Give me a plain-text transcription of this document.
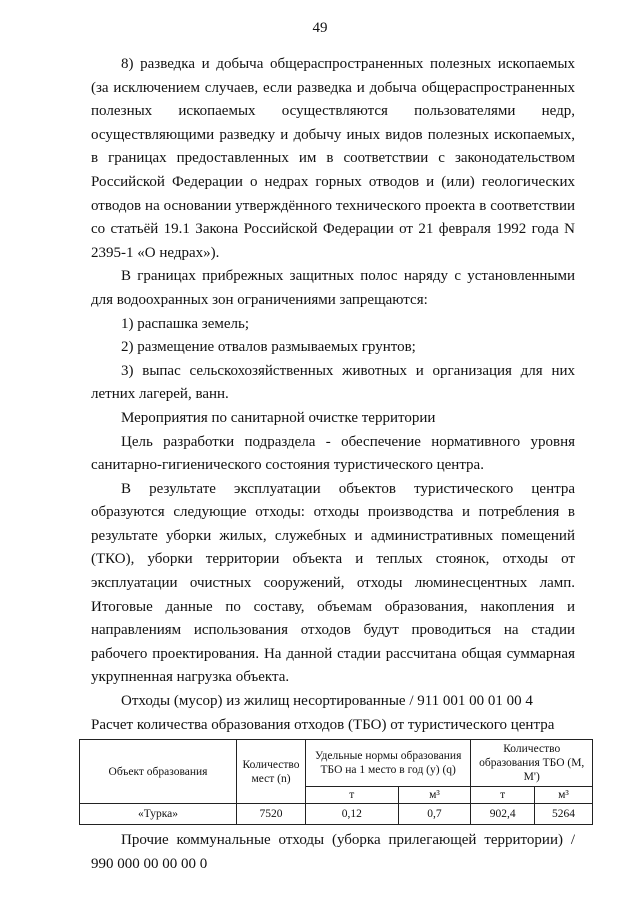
49

8) разведка и добыча общераспространенных полезных ископаемых (за исключением случаев, если разведка и добыча общераспространенных полезных ископаемых осуществляются пользователями недр, осуществляющими разведку и добычу иных видов полезных ископаемых, в границах предоставленных им в соответствии с законодательством Российской Федерации о недрах горных отводов и (или) геологических отводов на основании утверждённого технического проекта в соответствии со статьёй 19.1 Закона Российской Федерации от 21 февраля 1992 года N 2395-1 «О недрах»).

В границах прибрежных защитных полос наряду с установленными для водоохранных зон ограничениями запрещаются:

1) распашка земель;

2) размещение отвалов размываемых грунтов;

3) выпас сельскохозяйственных животных и организация для них летних лагерей, ванн.

Мероприятия по санитарной очистке территории

Цель разработки подраздела - обеспечение нормативного уровня санитарно-гигиенического состояния туристического центра.

В результате эксплуатации объектов туристического центра образуются следующие отходы: отходы производства и потребления в результате уборки жилых, служебных и административных помещений (ТКО), уборки территории объекта и теплых стоянок, отходы от эксплуатации очистных сооружений, отходы люминесцентных ламп. Итоговые данные по составу, объемам образования, накопления и направлениям использования отходов будут проводиться на стадии рабочего проектирования. На данной стадии рассчитана общая суммарная укрупненная нагрузка объекта.

Отходы (мусор) из жилищ несортированные / 911 001 00 01 00 4

Расчет количества образования отходов (ТБО) от туристического центра

Объект образования	Количество мест (n)	Удельные нормы образования ТБО на 1 место в год (у) (q)		Количество образования ТБО (М, М')	
		т	м³	т	м³
«Турка»	7520	0,12	0,7	902,4	5264

Прочие коммунальные отходы (уборка прилегающей территории) / 990 000 00 00 00 0
